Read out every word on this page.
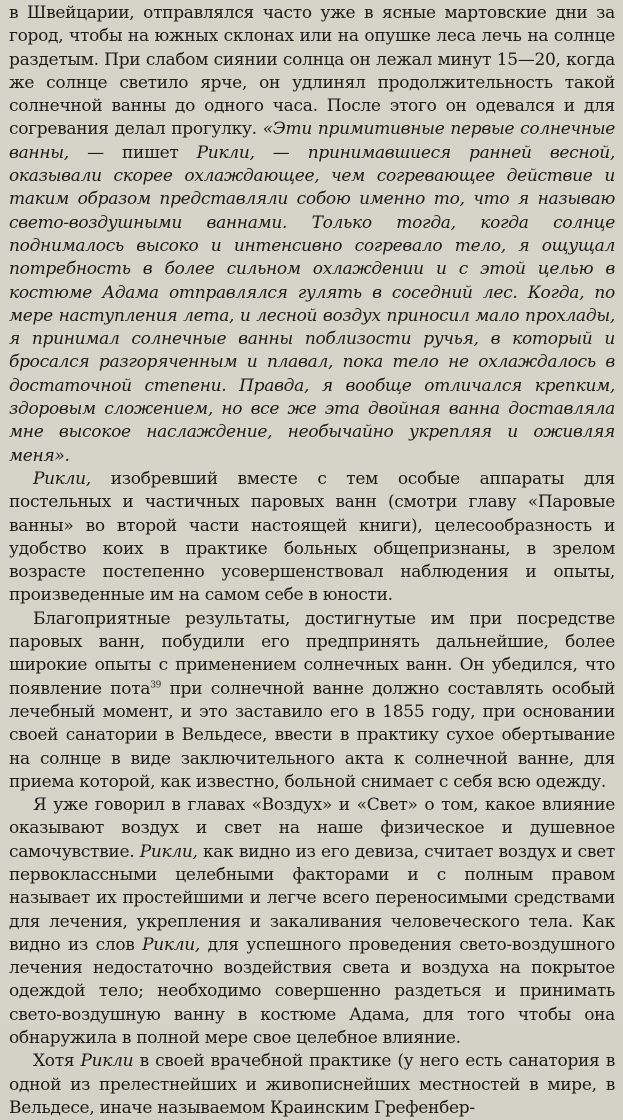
в Швейцарии, отправлялся часто уже в ясные мартовские дни за город, чтобы на южных склонах или на опушке леса лечь на солнце раздетым. При слабом сиянии солнца он лежал минут 15—20, когда же солнце светило ярче, он удлинял продолжительность такой солнечной ванны до одного часа. После этого он одевался и для согревания делал прогулку. «Эти примитивные первые солнечные ванны, — пишет Рикли, — принимавшиеся ранней весной, оказывали скорее охлаждающее, чем согревающее действие и таким образом представляли собою именно то, что я называю свето-воздушными ваннами. Только тогда, когда солнце поднималось высоко и интенсивно согревало тело, я ощущал потребность в более сильном охлаждении и с этой целью в костюме Адама отправлялся гулять в соседний лес. Когда, по мере наступления лета, и лесной воздух приносил мало прохлады, я принимал солнечные ванны поблизости ручья, в который и бросался разгоряченным и плавал, пока тело не охлаждалось в достаточной степени. Правда, я вообще отличался крепким, здоровым сложением, но все же эта двойная ванна доставляла мне высокое наслаждение, необычайно укрепляя и оживляя меня».

Рикли, изобревший вместе с тем особые аппараты для постельных и частичных паровых ванн (смотри главу «Паровые ванны» во второй части настоящей книги), целесообразность и удобство коих в практике больных общепризнаны, в зрелом возрасте постепенно усовершенствовал наблюдения и опыты, произведенные им на самом себе в юности.

Благоприятные результаты, достигнутые им при посредстве паровых ванн, побудили его предпринять дальнейшие, более широкие опыты с применением солнечных ванн. Он убедился, что появление пота$^{39}$ при солнечной ванне должно составлять особый лечебный момент, и это заставило его в 1855 году, при основании своей санатории в Вельдесе, ввести в практику сухое обертывание на солнце в виде заключительного акта к солнечной ванне, для приема которой, как известно, больной снимает с себя всю одежду.

Я уже говорил в главах «Воздух» и «Свет» о том, какое влияние оказывают воздух и свет на наше физическое и душевное самочувствие. Рикли, как видно из его девиза, считает воздух и свет первоклассными целебными факторами и с полным правом называет их простейшими и легче всего переносимыми средствами для лечения, укрепления и закаливания человеческого тела. Как видно из слов Рикли, для успешного проведения свето-воздушного лечения недостаточно воздействия света и воздуха на покрытое одеждой тело; необходимо совершенно раздеться и принимать свето-воздушную ванну в костюме Адама, для того чтобы она обнаружила в полной мере свое целебное влияние.

Хотя Рикли в своей врачебной практике (у него есть санатория в одной из прелестнейших и живописнейших местностей в мире, в Вельдесе, иначе называемом Краинским Грефенбер-
